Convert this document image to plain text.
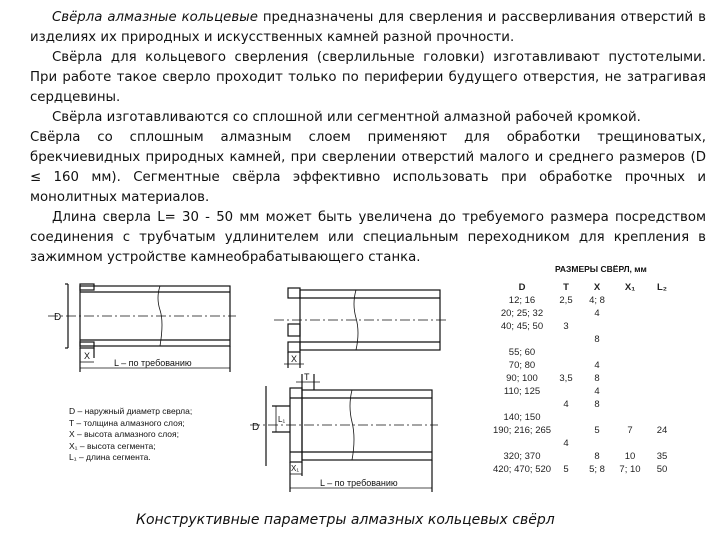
Свёрла алмазные кольцевые предназначены для сверления и рассверливания отверстий в изделиях их природных и искусственных камней разной прочности.

Свёрла для кольцевого сверления (сверлильные головки) изготавливают пустотелыми. При работе такое сверло проходит только по периферии будущего отверстия, не затрагивая сердцевины.

Свёрла изготавливаются со сплошной или сегментной алмазной рабочей кромкой.

Свёрла со сплошным алмазным слоем применяют для обработки трещиноватых, брекчиевидных природных камней, при сверлении отверстий малого и среднего размеров (D ≤ 160 мм). Сегментные свёрла эффективно использовать при обработке прочных и монолитных материалов.

Длина сверла L= 30 - 50 мм может быть увеличена до требуемого размера посредством соединения с трубчатым удлинителем или специальным переходником для крепления в зажимном устройстве камнеобрабатывающего станка.

D
X
L – по требованию	X
T
D
L₁
X₁
L – по требованию
D – наружный диаметр сверла;
T – толщина алмазного слоя;
X – высота алмазного слоя;
X₁ – высота сегмента;
L₁ – длина сегмента.
РАЗМЕРЫ СВЁРЛ, мм
D	T	X	X₁	L₂
12; 16	2,5	4; 8		
20; 25; 32		4		
40; 45; 50	3			
		8		
55; 60				
70; 80		4		
90; 100	3,5	8		
110; 125		4		
	4	8		
140; 150				
190; 216; 265		5	7	24
	4			
320; 370		8	10	35
420; 470; 520	5	5; 8	7; 10	50
Конструктивные параметры алмазных кольцевых свёрл
